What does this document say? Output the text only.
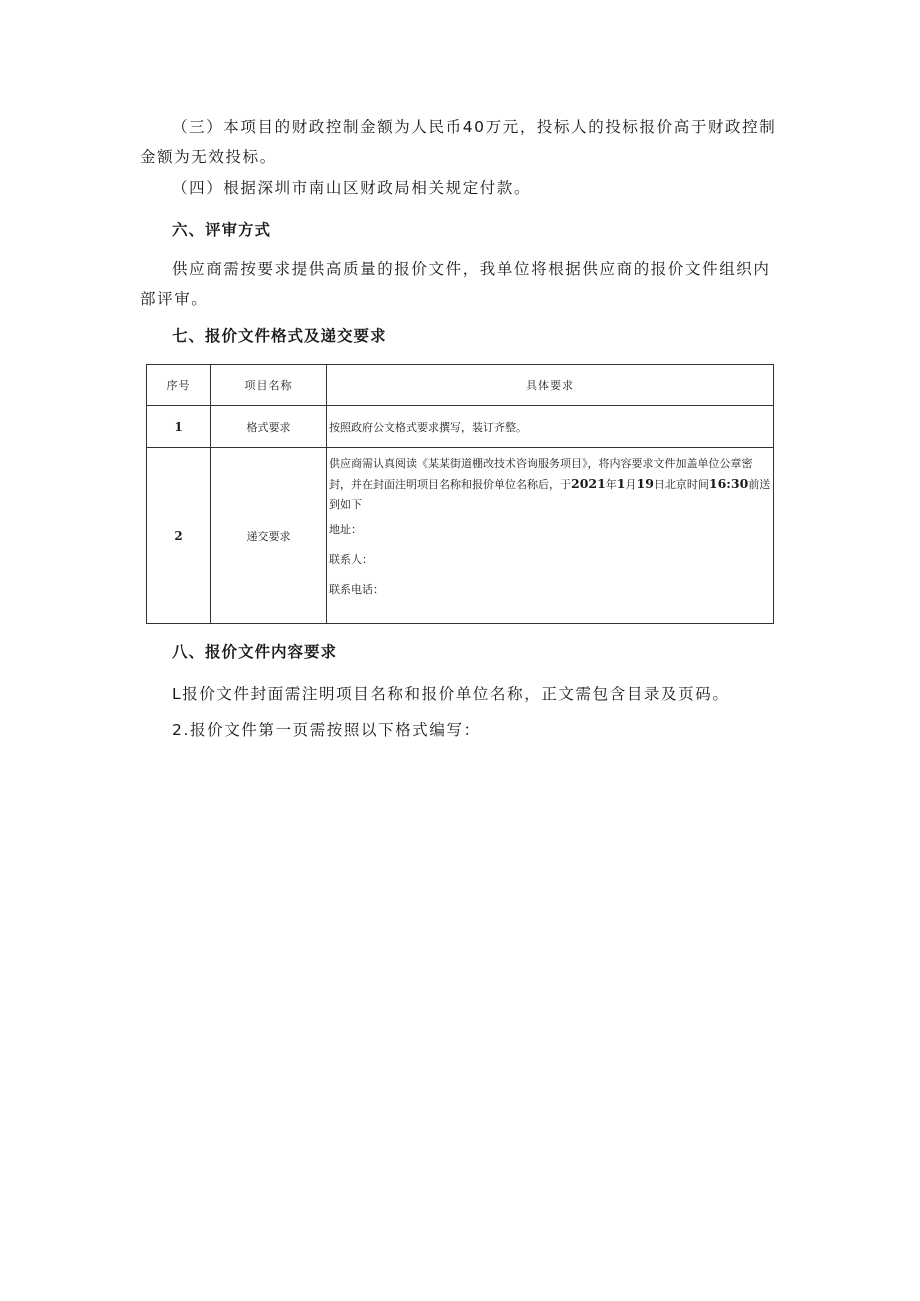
（三）本项目的财政控制金额为人民币40万元，投标人的投标报价高于财政控制金额为无效投标。

（四）根据深圳市南山区财政局相关规定付款。

六、评审方式

供应商需按要求提供高质量的报价文件，我单位将根据供应商的报价文件组织内部评审。

七、报价文件格式及递交要求
序号	项目名称	具体要求
1	格式要求	按照政府公文格式要求撰写，装订齐整。
2	递交要求	供应商需认真阅读《某某街道棚改技术咨询服务项目》，将内容要求文件加盖单位公章密封，并在封面注明项目名称和报价单位名称后，于2021年1月19日北京时间16:30前送到如下

地址：

联系人：

联系电话：

八、报价文件内容要求

L报价文件封面需注明项目名称和报价单位名称，正文需包含目录及页码。

2.报价文件第一页需按照以下格式编写：
